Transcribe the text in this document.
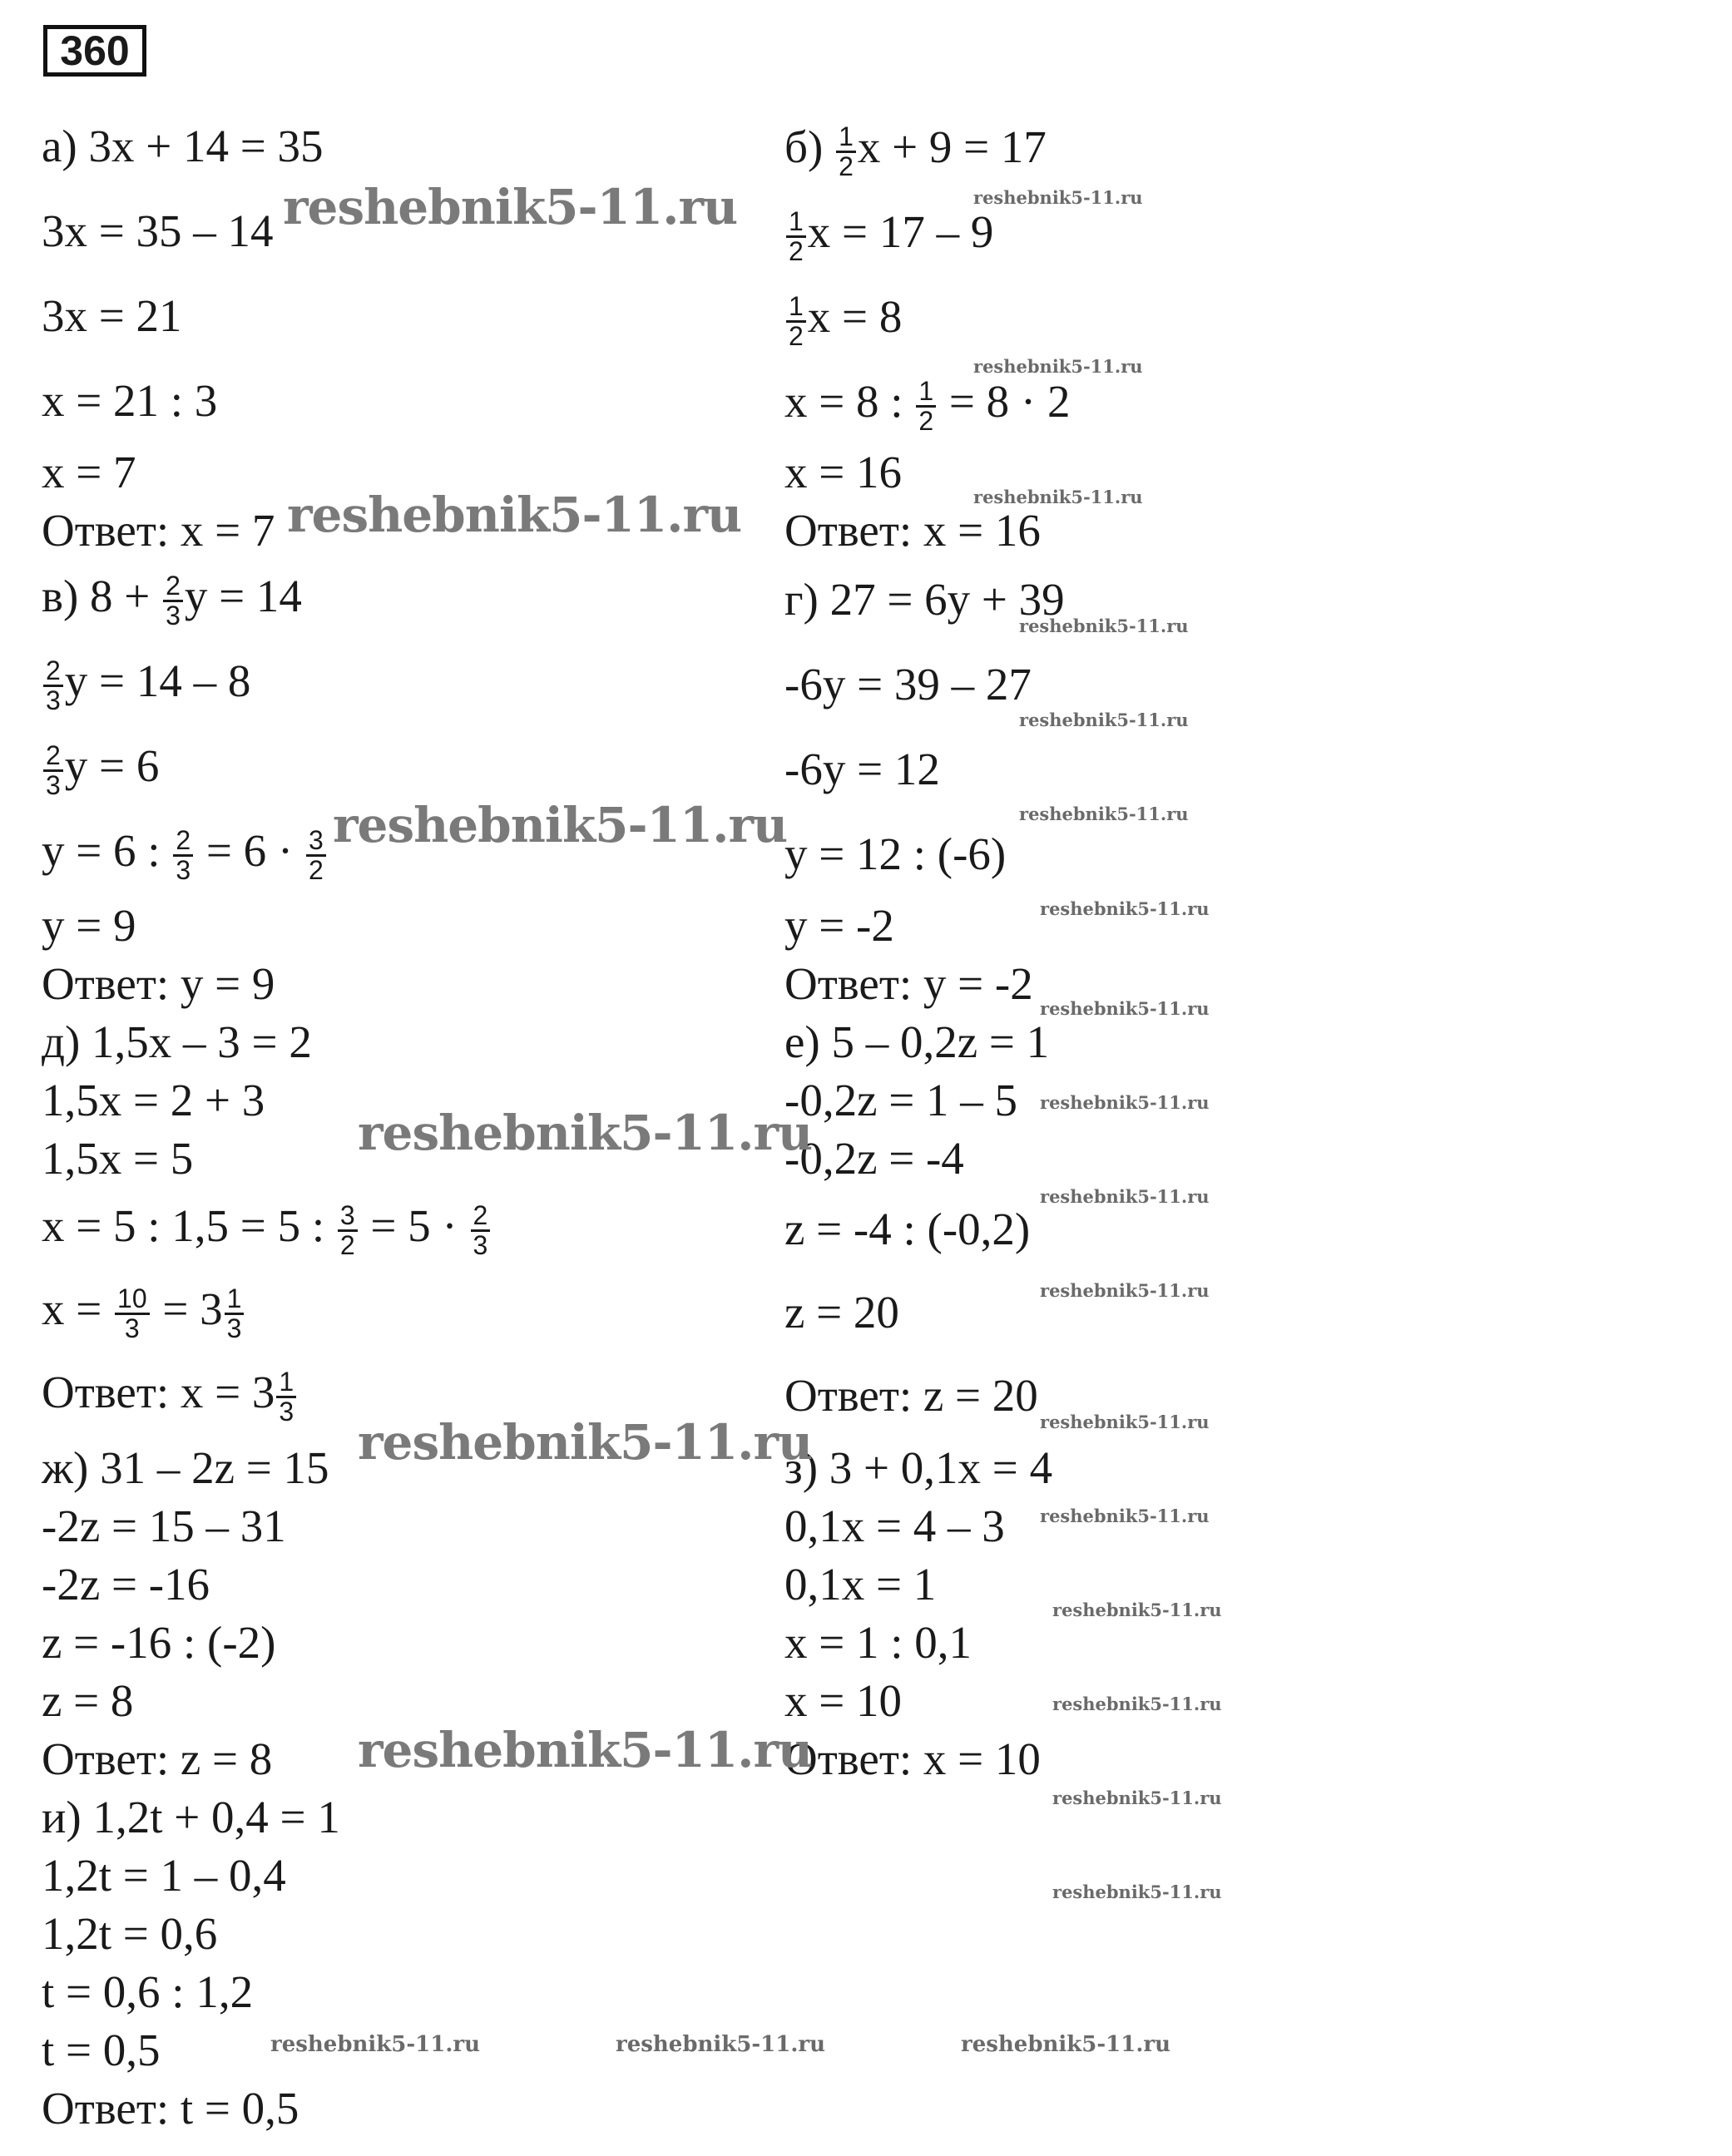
360
а) 3х + 14 = 35
3х = 35 – 14
3х = 21
х = 21 : 3
х = 7
Ответ: х = 7
$б) \frac{1}{2}$ х + 9 = 17
$\frac{1}{2}$ х = 17 – 9
$\frac{1}{2}$ х = 8
х = 8 : $\frac{1}{2} = 8 \cdot 2$
х = 16
Ответ: х = 16
в) $8 + \frac{2}{3}$ у = 14
$\frac{2}{3}$ у = 14 – 8
$\frac{2}{3}$ у = 6
у = 6 : $\frac{2}{3} = 6 \cdot \frac{3}{2}$
у = 9
Ответ: у = 9
г) 27 = 6у + 39
-6у = 39 – 27
-6у = 12
у = 12 : (-6)
у = -2
Ответ: у = -2
д) 1,5х – 3 = 2
1,5х = 2 + 3
1,5х = 5
х = 5 : 1,5 = 5 : $\frac{3}{2} = 5 \cdot \frac{2}{3}$
$х = \frac{10}{3} = 3 \frac{1}{3}$
Ответ: $х = 3 \frac{1}{3}$
е) 5 – 0,2z = 1
-0,2z = 1 – 5
-0,2z = -4
z = -4 : (-0,2)
z = 20
Ответ: z = 20
ж) 31 – 2z = 15
-2z = 15 – 31
-2z = -16
z = -16 : (-2)
z = 8
Ответ: z = 8
з) 3 + 0,1х = 4
0,1х = 4 – 3
0,1х = 1
х = 1 : 0,1
х = 10
Ответ: х = 10
и) 1,2t + 0,4 = 1
1,2t = 1 – 0,4
1,2t = 0,6
t = 0,6 : 1,2
t = 0,5
Ответ: t = 0,5
reshebnik5-11.ru
reshebnik5-11.ru
reshebnik5-11.ru
reshebnik5-11.ru
reshebnik5-11.ru
reshebnik5-11.ru
reshebnik5-11.ru
reshebnik5-11.ru
reshebnik5-11.ru
reshebnik5-11.ru
reshebnik5-11.ru
reshebnik5-11.ru
reshebnik5-11.ru
reshebnik5-11.ru
reshebnik5-11.ru
reshebnik5-11.ru
reshebnik5-11.ru
reshebnik5-11.ru
reshebnik5-11.ru
reshebnik5-11.ru
reshebnik5-11.ru
reshebnik5-11.ru
reshebnik5-11.ru
reshebnik5-11.ru	reshebnik5-11.ru	reshebnik5-11.ru
